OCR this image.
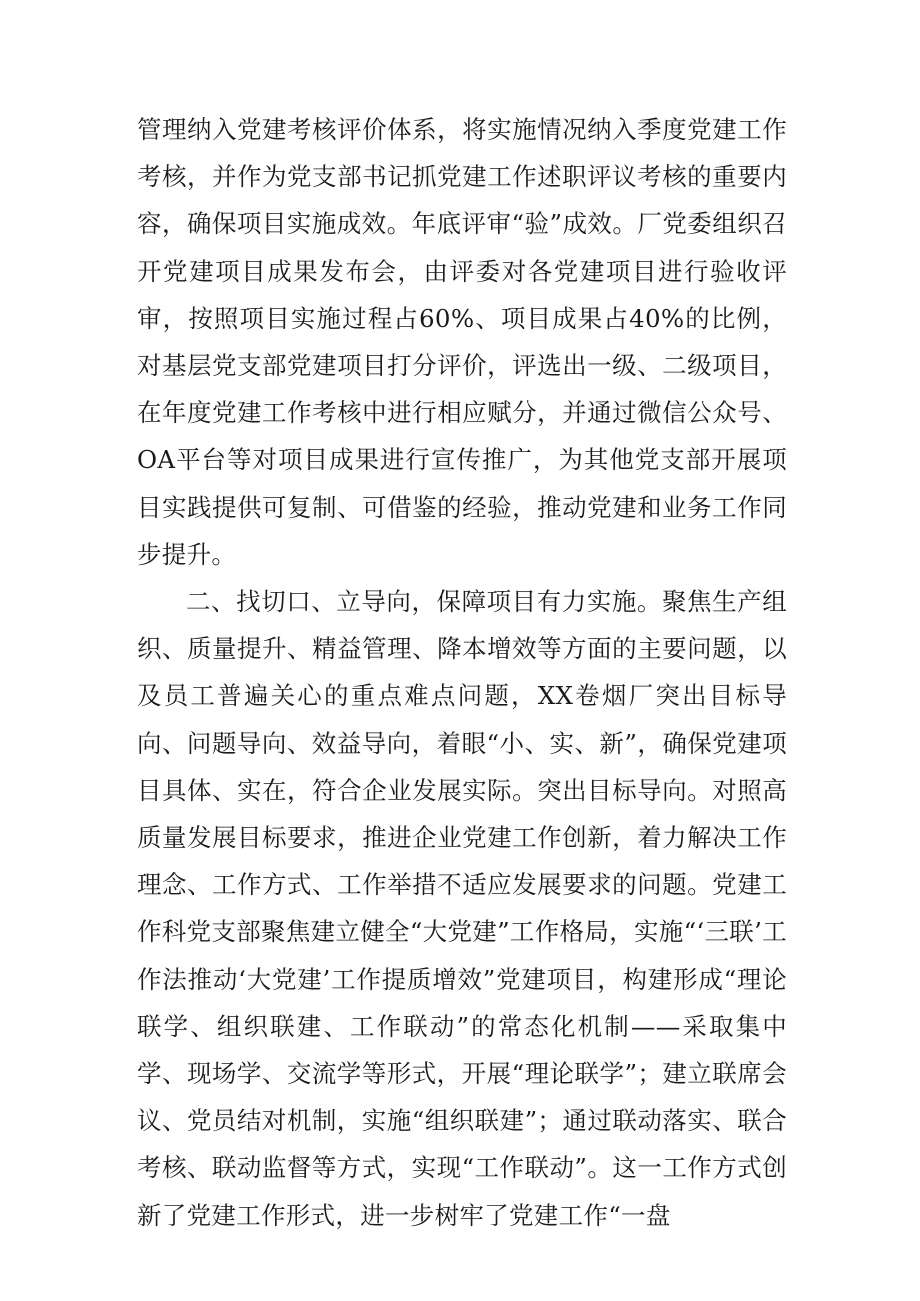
管理纳入党建考核评价体系，将实施情况纳入季度党建工作考核，并作为党支部书记抓党建工作述职评议考核的重要内容，确保项目实施成效。年底评审“验”成效。厂党委组织召开党建项目成果发布会，由评委对各党建项目进行验收评审，按照项目实施过程占60%、项目成果占40%的比例，对基层党支部党建项目打分评价，评选出一级、二级项目，在年度党建工作考核中进行相应赋分，并通过微信公众号、OA平台等对项目成果进行宣传推广，为其他党支部开展项目实践提供可复制、可借鉴的经验，推动党建和业务工作同步提升。

二、找切口、立导向，保障项目有力实施。聚焦生产组织、质量提升、精益管理、降本增效等方面的主要问题，以及员工普遍关心的重点难点问题，XX卷烟厂突出目标导向、问题导向、效益导向，着眼“小、实、新”，确保党建项目具体、实在，符合企业发展实际。突出目标导向。对照高质量发展目标要求，推进企业党建工作创新，着力解决工作理念、工作方式、工作举措不适应发展要求的问题。党建工作科党支部聚焦建立健全“大党建”工作格局，实施“‘三联’工作法推动‘大党建’工作提质增效”党建项目，构建形成“理论联学、组织联建、工作联动”的常态化机制——采取集中学、现场学、交流学等形式，开展“理论联学”；建立联席会议、党员结对机制，实施“组织联建”；通过联动落实、联合考核、联动监督等方式，实现“工作联动”。这一工作方式创新了党建工作形式，进一步树牢了党建工作“一盘
